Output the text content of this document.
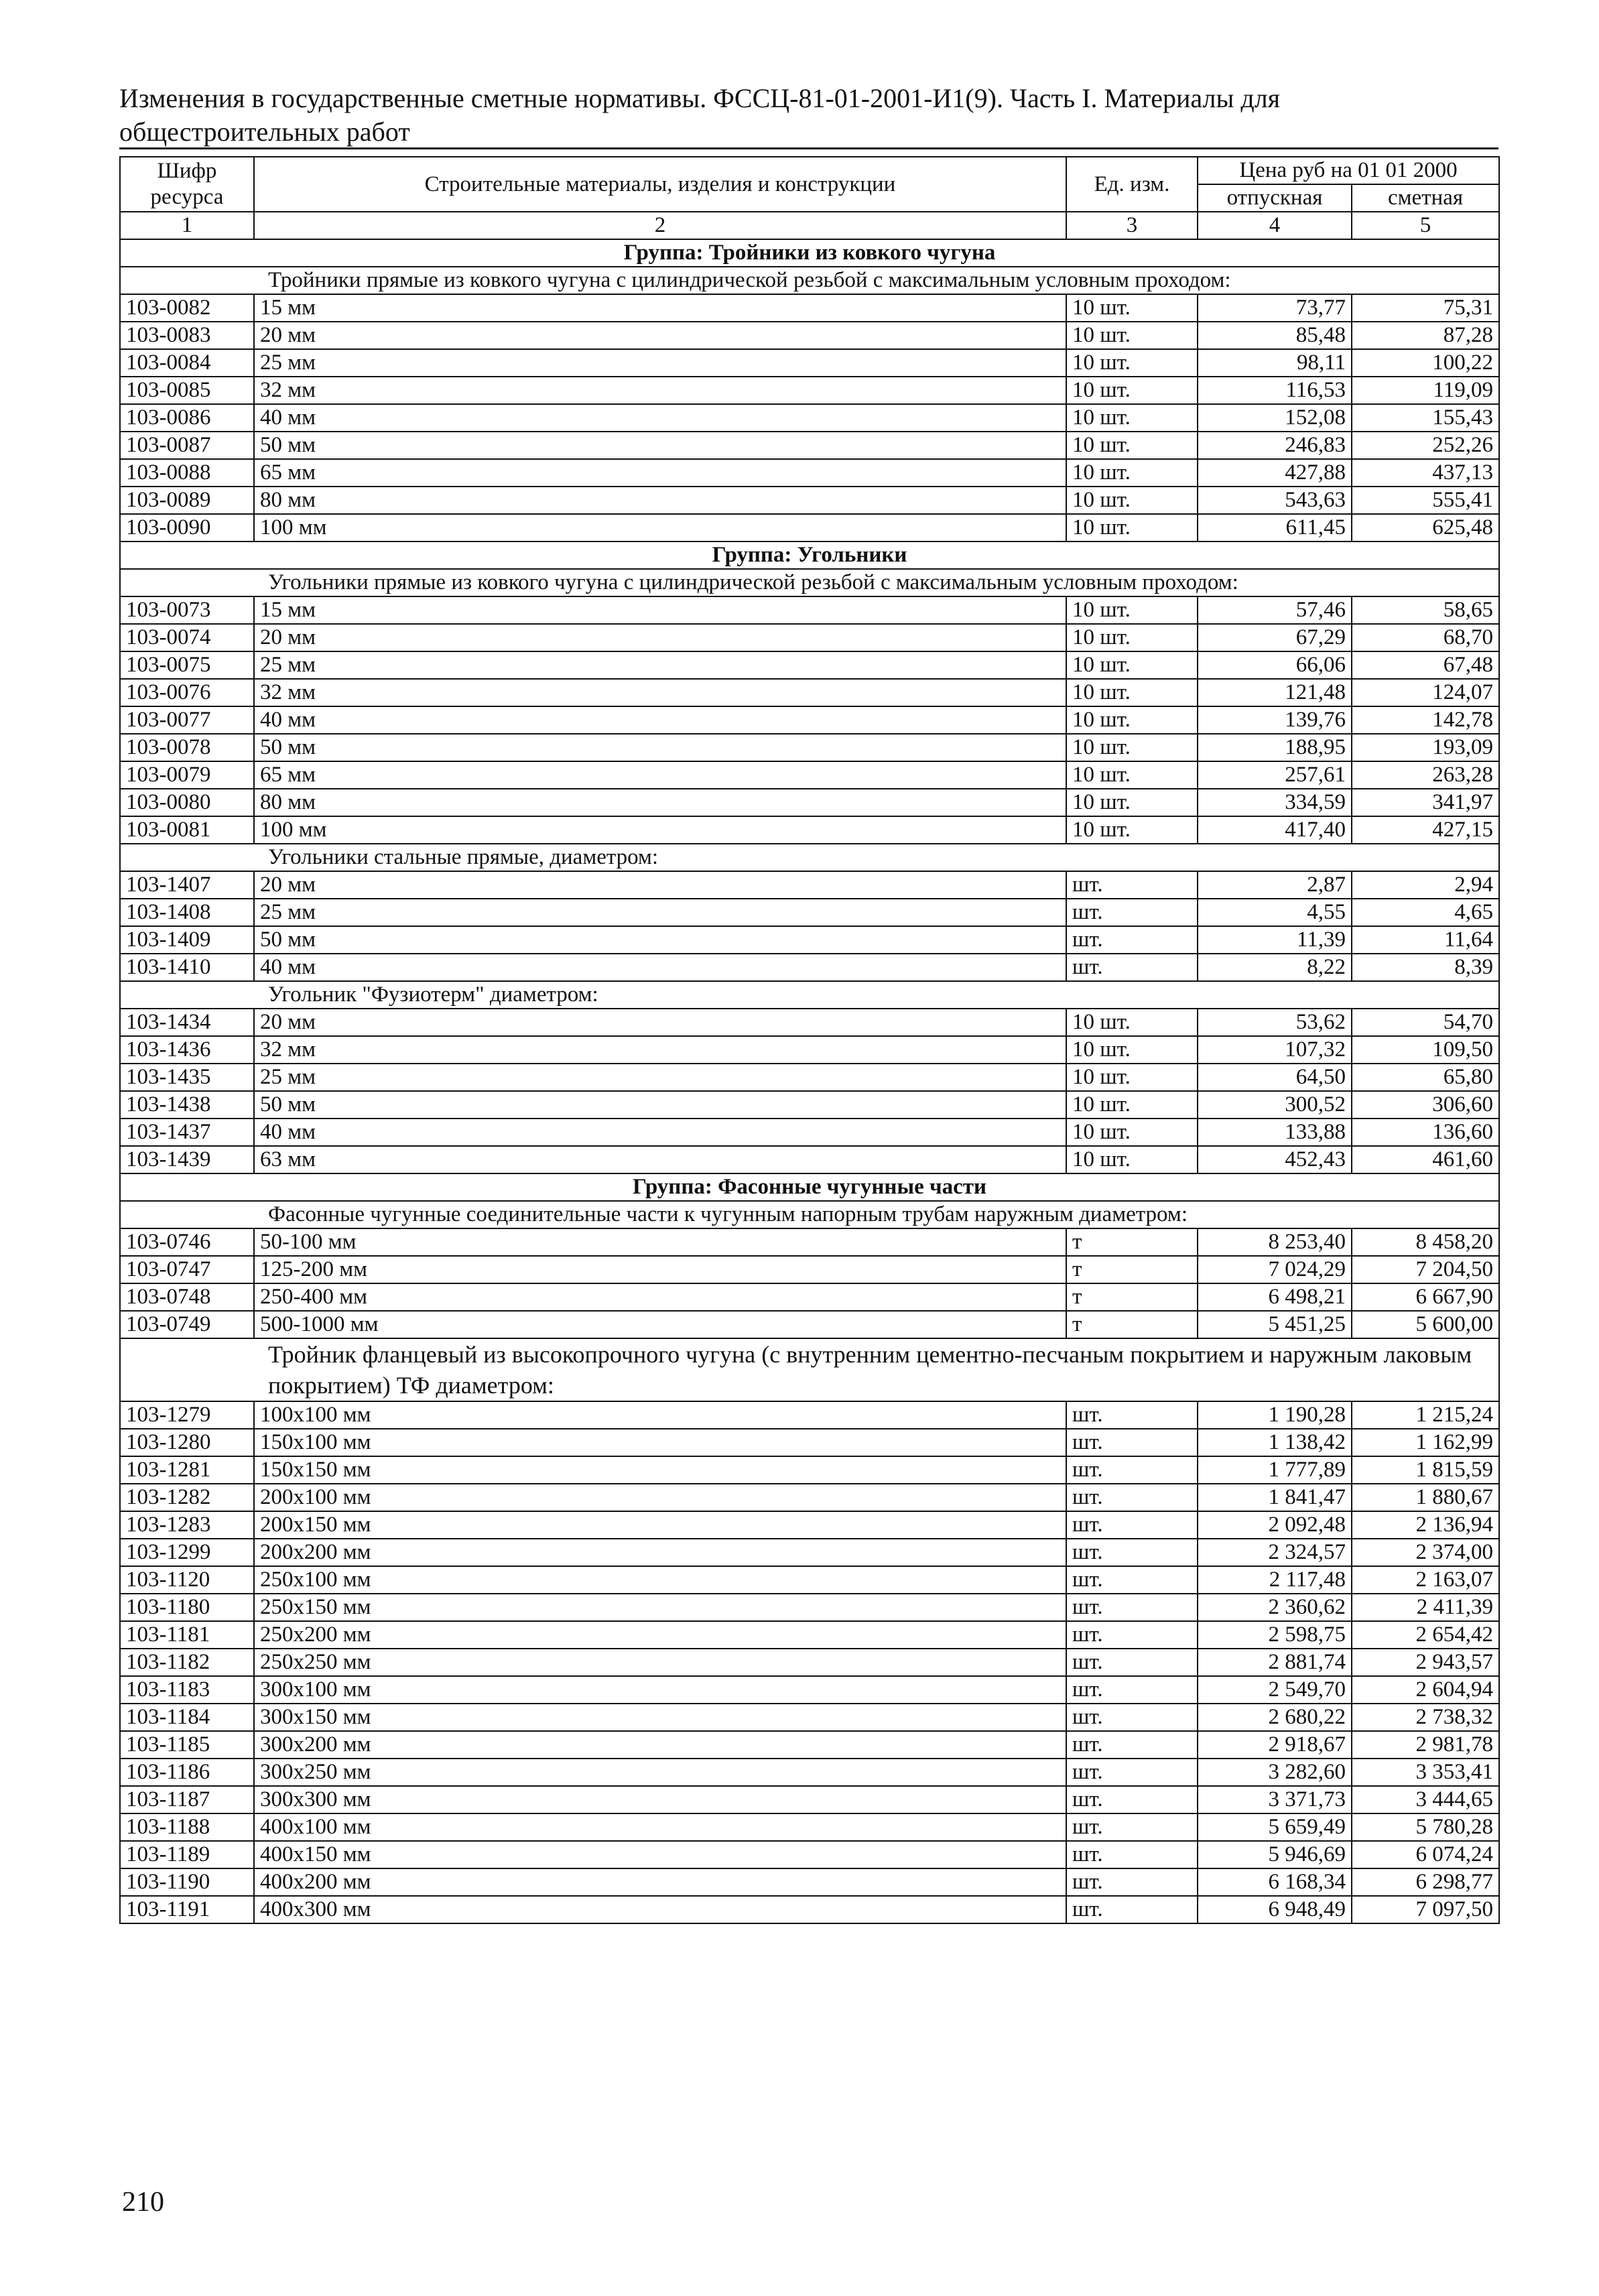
Изменения в государственные сметные нормативы. ФССЦ-81-01-2001-И1(9). Часть I. Материалы для
общестроительных работ
Шифр ресурса	Строительные материалы, изделия и конструкции	Ед. изм.	Цена руб на 01 01 2000	
			отпускная	сметная
1	2	3	4	5
Группа: Тройники из ковкого чугуна				
Тройники прямые из ковкого чугуна с цилиндрической резьбой с максимальным условным проходом:				
103-0082	15 мм	10 шт.	73,77	75,31
103-0083	20 мм	10 шт.	85,48	87,28
103-0084	25 мм	10 шт.	98,11	100,22
103-0085	32 мм	10 шт.	116,53	119,09
103-0086	40 мм	10 шт.	152,08	155,43
103-0087	50 мм	10 шт.	246,83	252,26
103-0088	65 мм	10 шт.	427,88	437,13
103-0089	80 мм	10 шт.	543,63	555,41
103-0090	100 мм	10 шт.	611,45	625,48
Группа: Угольники				
Угольники прямые из ковкого чугуна с цилиндрической резьбой с максимальным условным проходом:				
103-0073	15 мм	10 шт.	57,46	58,65
103-0074	20 мм	10 шт.	67,29	68,70
103-0075	25 мм	10 шт.	66,06	67,48
103-0076	32 мм	10 шт.	121,48	124,07
103-0077	40 мм	10 шт.	139,76	142,78
103-0078	50 мм	10 шт.	188,95	193,09
103-0079	65 мм	10 шт.	257,61	263,28
103-0080	80 мм	10 шт.	334,59	341,97
103-0081	100 мм	10 шт.	417,40	427,15
Угольники стальные прямые, диаметром:				
103-1407	20 мм	шт.	2,87	2,94
103-1408	25 мм	шт.	4,55	4,65
103-1409	50 мм	шт.	11,39	11,64
103-1410	40 мм	шт.	8,22	8,39
Угольник "Фузиотерм" диаметром:				
103-1434	20 мм	10 шт.	53,62	54,70
103-1436	32 мм	10 шт.	107,32	109,50
103-1435	25 мм	10 шт.	64,50	65,80
103-1438	50 мм	10 шт.	300,52	306,60
103-1437	40 мм	10 шт.	133,88	136,60
103-1439	63 мм	10 шт.	452,43	461,60
Группа: Фасонные чугунные части				
Фасонные чугунные соединительные части к чугунным напорным трубам наружным диаметром:				
103-0746	50-100 мм	т	8 253,40	8 458,20
103-0747	125-200 мм	т	7 024,29	7 204,50
103-0748	250-400 мм	т	6 498,21	6 667,90
103-0749	500-1000 мм	т	5 451,25	5 600,00
Тройник фланцевый из высокопрочного чугуна (с внутренним цементно-песчаным покрытием и наружным лаковым покрытием) ТФ диаметром:				
103-1279	100x100 мм	шт.	1 190,28	1 215,24
103-1280	150x100 мм	шт.	1 138,42	1 162,99
103-1281	150x150 мм	шт.	1 777,89	1 815,59
103-1282	200x100 мм	шт.	1 841,47	1 880,67
103-1283	200x150 мм	шт.	2 092,48	2 136,94
103-1299	200x200 мм	шт.	2 324,57	2 374,00
103-1120	250x100 мм	шт.	2 117,48	2 163,07
103-1180	250x150 мм	шт.	2 360,62	2 411,39
103-1181	250x200 мм	шт.	2 598,75	2 654,42
103-1182	250x250 мм	шт.	2 881,74	2 943,57
103-1183	300x100 мм	шт.	2 549,70	2 604,94
103-1184	300x150 мм	шт.	2 680,22	2 738,32
103-1185	300x200 мм	шт.	2 918,67	2 981,78
103-1186	300x250 мм	шт.	3 282,60	3 353,41
103-1187	300x300 мм	шт.	3 371,73	3 444,65
103-1188	400x100 мм	шт.	5 659,49	5 780,28
103-1189	400x150 мм	шт.	5 946,69	6 074,24
103-1190	400x200 мм	шт.	6 168,34	6 298,77
103-1191	400x300 мм	шт.	6 948,49	7 097,50
210
